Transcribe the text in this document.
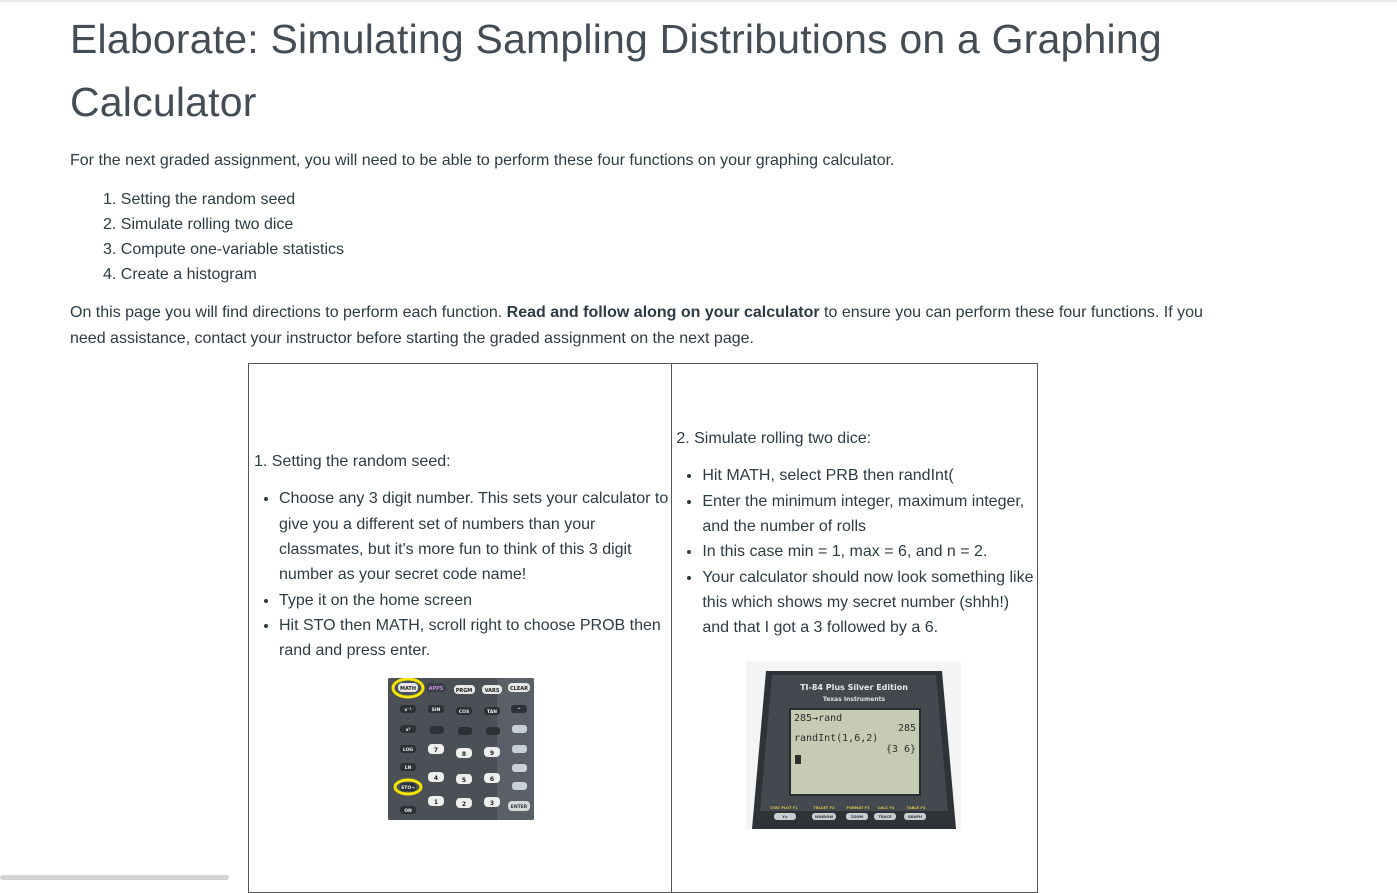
Elaborate: Simulating Sampling Distributions on a Graphing Calculator
For the next graded assignment, you will need to be able to perform these four functions on your graphing calculator.
1. Setting the random seed
2. Simulate rolling two dice
3. Compute one-variable statistics
4. Create a histogram
On this page you will find directions to perform each function. Read and follow along on your calculator to ensure you can perform these four functions. If you need assistance, contact your instructor before starting the graded assignment on the next page.
1. Setting the random seed:
• Choose any 3 digit number. This sets your calculator to give you a different set of numbers than your classmates, but it's more fun to think of this 3 digit number as your secret code name!
• Type it on the home screen
• Hit STO then MATH, scroll right to choose PROB then rand and press enter.
MATH	APPS PRGM VARS CLEAR
x⁻¹	SIN	COS	TAN	^
x²
LOG
LN
STO→
ON
7
8	9
4	5	6
1	2	3
ENTER

2. Simulate rolling two dice:
• Hit MATH, select PRB then randInt(
• Enter the minimum integer, maximum integer, and the number of rolls
• In this case min = 1, max = 6, and n = 2.
• Your calculator should now look something like this which shows my secret number (shhh!) and that I got a 3 followed by a 6.
TI-84 Plus Silver Edition
Texas Instruments
285→rand
285
randInt(1,6,2)
{3 6}
STAT PLOT F1	TBLSET F2	FORMAT F3 CALC F4	TABLE F5
Y=	WINDOW	ZOOM	TRACE	GRAPH
